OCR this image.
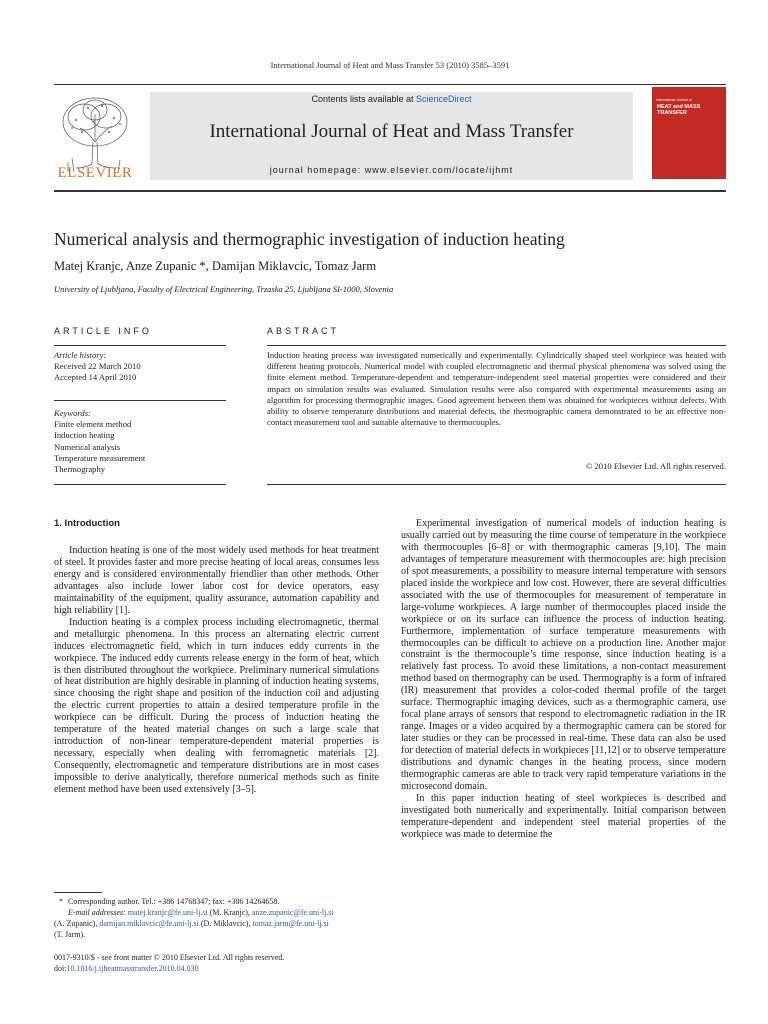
International Journal of Heat and Mass Transfer 53 (2010) 3585–3591
ELSEVIER
Contents lists available at ScienceDirect
International Journal of Heat and Mass Transfer
journal homepage: www.elsevier.com/locate/ijhmt
International Journal of
HEAT and MASS
TRANSFER
Numerical analysis and thermographic investigation of induction heating
Matej Kranjc, Anze Zupanic *, Damijan Miklavcic, Tomaz Jarm
University of Ljubljana, Faculty of Electrical Engineering, Trzaska 25, Ljubljana SI-1000, Slovenia
ARTICLE INFO	ABSTRACT
Article history:
Received 22 March 2010
Accepted 14 April 2010
Keywords:
Finite element method
Induction heating
Numerical analysis
Temperature measurement
Thermography
Induction heating process was investigated numerically and experimentally. Cylindrically shaped steel workpiece was heated with different heating protocols. Numerical model with coupled electromagnetic and thermal physical phenomena was solved using the finite element method. Temperature-dependent and temperature-independent steel material properties were considered and their impact on simulation results was evaluated. Simulation results were also compared with experimental measurements using an algorithm for processing thermographic images. Good agreement between them was obtained for workpieces without defects. With ability to observe temperature distributions and material defects, the thermographic camera demonstrated to be an effective non-contact measurement tool and suitable alternative to thermocouples.
© 2010 Elsevier Ltd. All rights reserved.
1. Introduction

Induction heating is one of the most widely used methods for heat treatment of steel. It provides faster and more precise heating of local areas, consumes less energy and is considered environmentally friendlier than other methods. Other advantages also include lower labor cost for device operators, easy maintainability of the equipment, quality assurance, automation capability and high reliability [1].

Induction heating is a complex process including electromagnetic, thermal and metallurgic phenomena. In this process an alternating electric current induces electromagnetic field, which in turn induces eddy currents in the workpiece. The induced eddy currents release energy in the form of heat, which is then distributed throughout the workpiece. Preliminary numerical simulations of heat distribution are highly desirable in planning of induction heating systems, since choosing the right shape and position of the induction coil and adjusting the electric current properties to attain a desired temperature profile in the workpiece can be difficult. During the process of induction heating the temperature of the heated material changes on such a large scale that introduction of non-linear temperature-dependent material properties is necessary, especially when dealing with ferromagnetic materials [2]. Consequently, electromagnetic and temperature distributions are in most cases impossible to derive analytically, therefore numerical methods such as finite element method have been used extensively [3–5].

Experimental investigation of numerical models of induction heating is usually carried out by measuring the time course of temperature in the workpiece with thermocouples [6–8] or with thermographic cameras [9,10]. The main advantages of temperature measurement with thermocouples are: high precision of spot measurements, a possibility to measure internal temperature with sensors placed inside the workpiece and low cost. However, there are several difficulties associated with the use of thermocouples for measurement of temperature in large-volume workpieces. A large number of thermocouples placed inside the workpiece or on its surface can influence the process of induction heating. Furthermore, implementation of surface temperature measurements with thermocouples can be difficult to achieve on a production line. Another major constraint is the thermocouple’s time response, since induction heating is a relatively fast process. To avoid these limitations, a non-contact measurement method based on thermography can be used. Thermography is a form of infrared (IR) measurement that provides a color-coded thermal profile of the target surface. Thermographic imaging devices, such as a thermographic camera, use focal plane arrays of sensors that respond to electromagnetic radiation in the IR range. Images or a video acquired by a thermographic camera can be stored for later studies or they can be processed in real-time. These data can also be used for detection of material defects in workpieces [11,12] or to observe temperature distributions and dynamic changes in the heating process, since modern thermographic cameras are able to track very rapid temperature variations in the microsecond domain.

In this paper induction heating of steel workpieces is described and investigated both numerically and experimentally. Initial comparison between temperature-dependent and independent steel material properties of the workpiece was made to determine the

* Corresponding author. Tel.: +386 14768347; fax: +386 14264658.
E-mail addresses: matej.kranjc@fe.uni-lj.si (M. Kranjc), anze.zupanic@fe.uni-lj.si
(A. Zupanic), damijan.miklavcic@fe.uni-lj.si (D. Miklavcic), tomaz.jarm@fe.uni-lj.si
(T. Jarm).
0017-9310/$ - see front matter © 2010 Elsevier Ltd. All rights reserved.
doi:10.1016/j.ijheatmasstransfer.2010.04.030
